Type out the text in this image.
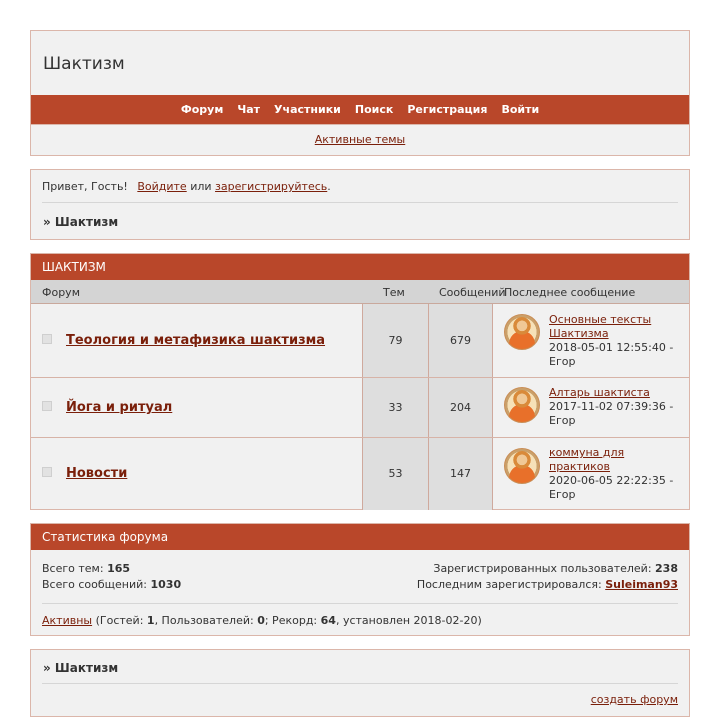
Шактизм
Форум Чат Участники Поиск Регистрация Войти
Активные темы
Привет, Гость! Войдите или зарегистрируйтесь.
» Шактизм
ШАКТИЗМ
Форум	Тем	Сообщений
Последнее сообщение
Теология и метафизика шактизма	79	679
Основные тексты Шактизма
2018-05-01 12:55:40 -
Егор
Йога и ритуал	33	204
Алтарь шактиста
2017-11-02 07:39:36 -
Егор
Новости	53	147
коммуна для практиков
2020-06-05 22:22:35 -
Егор
Статистика форума
Всего тем: 165
Всего сообщений: 1030
Зарегистрированных пользователей: 238
Последним зарегистрировался: Suleiman93
Активны (Гостей: 1, Пользователей: 0; Рекорд: 64, установлен 2018-02-20)
» Шактизм
создать форум
